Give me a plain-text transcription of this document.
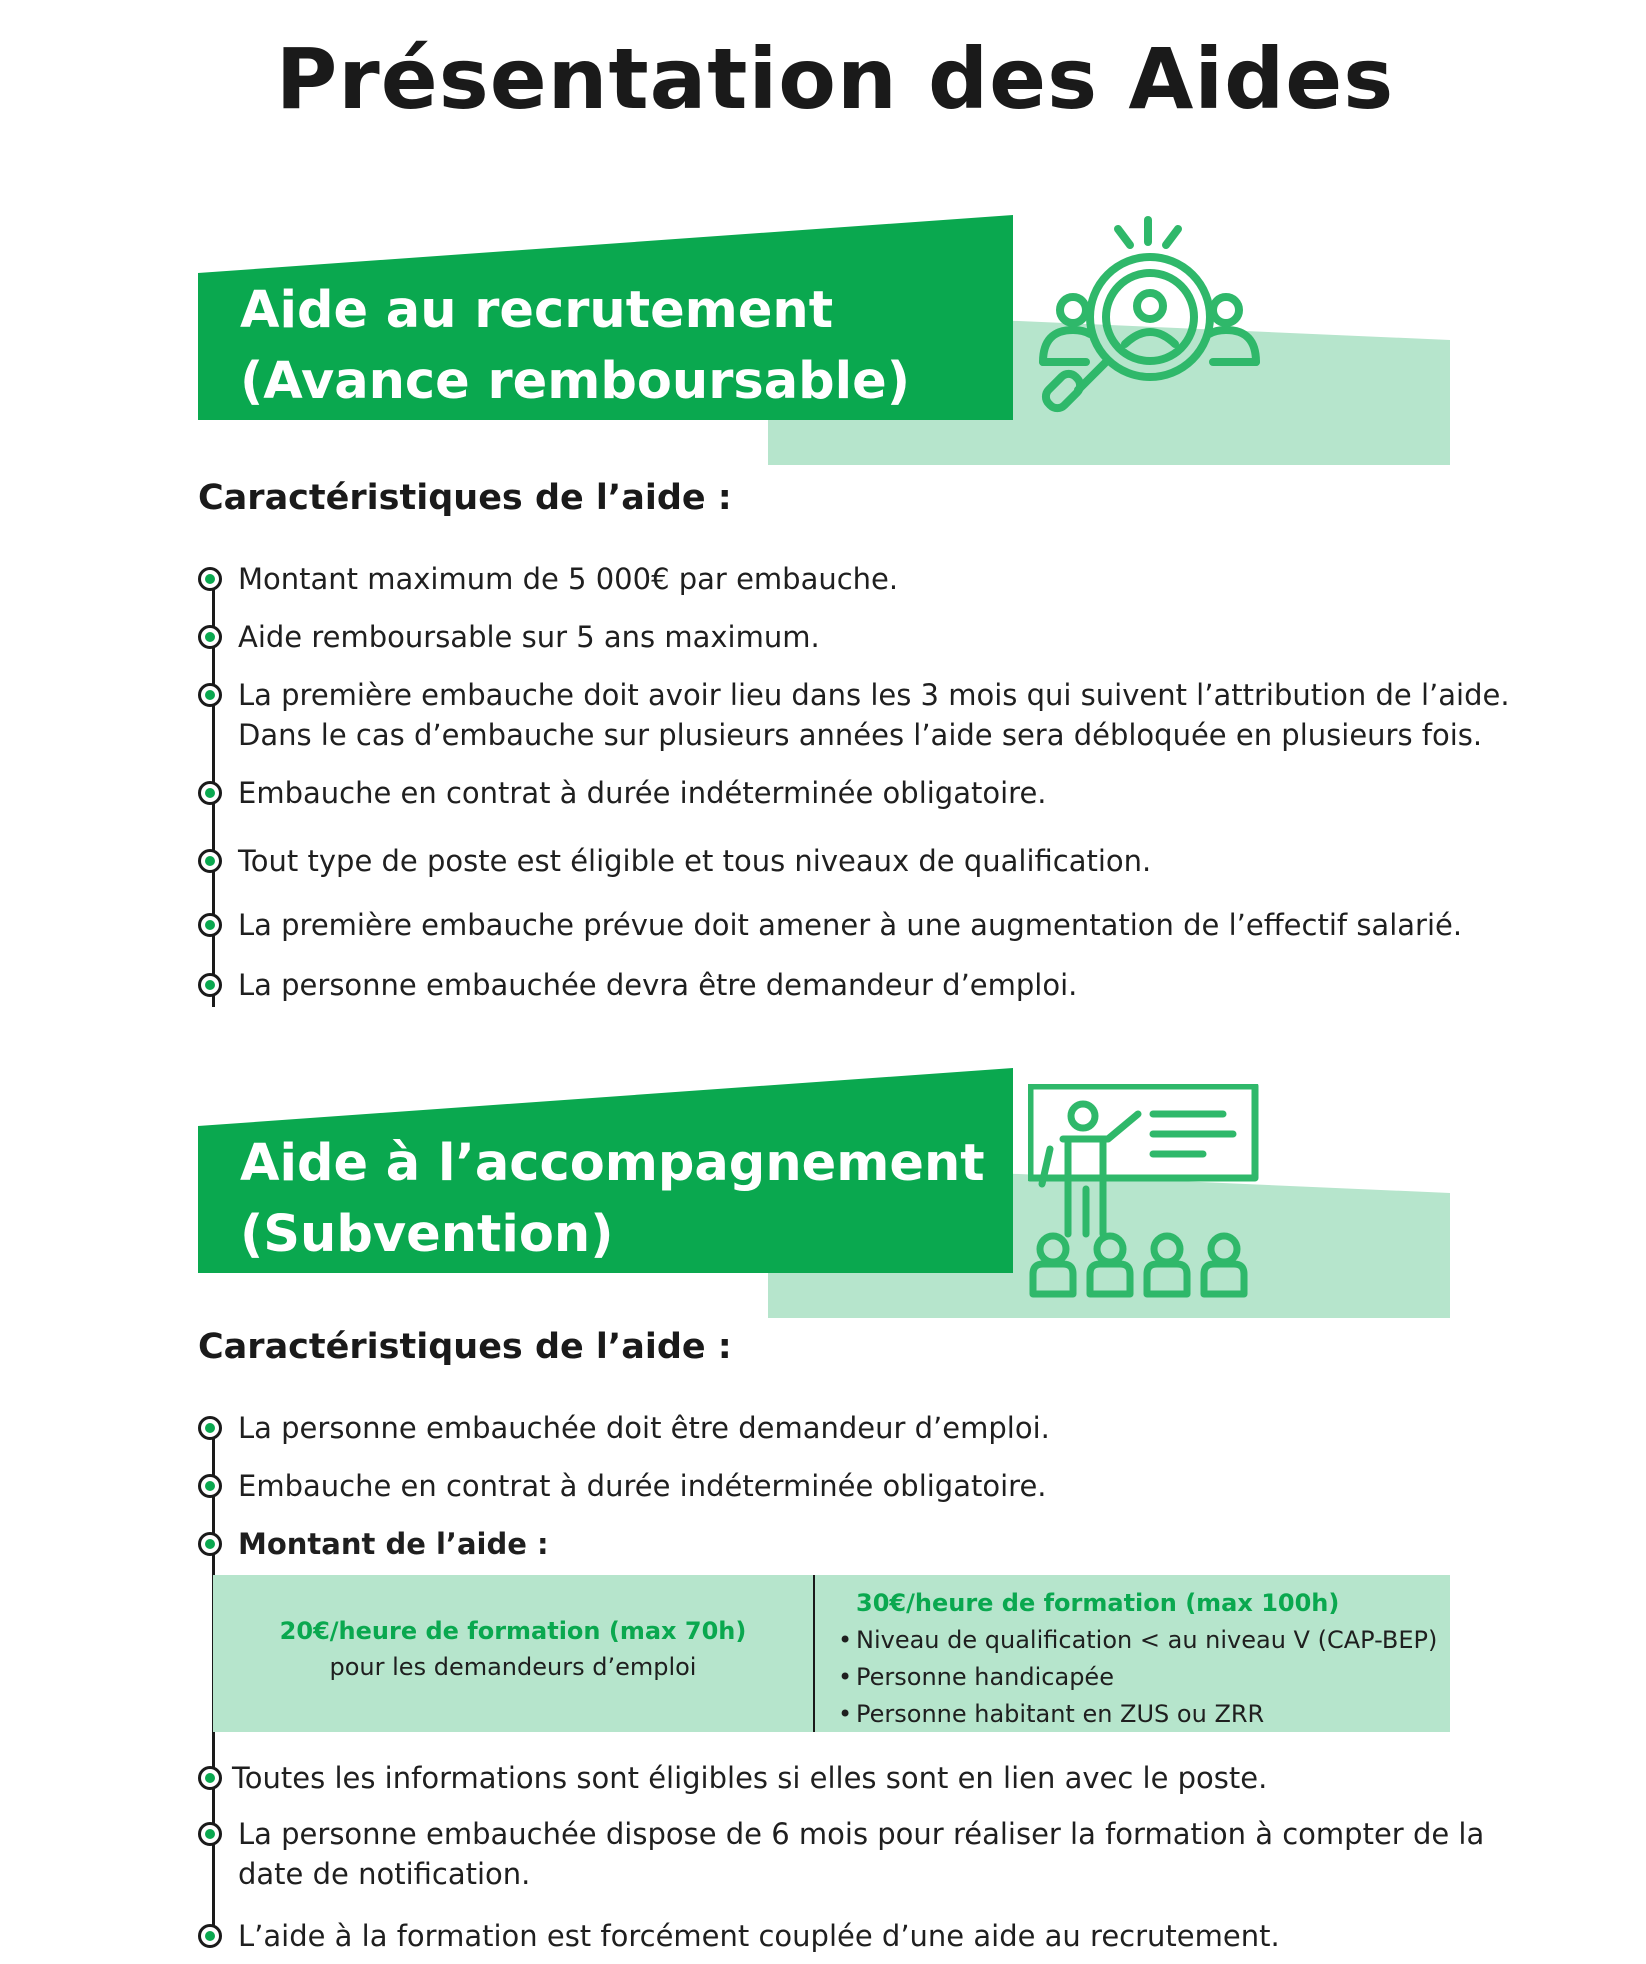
Présentation des Aides
Aide au recrutement
(Avance remboursable)
Caractéristiques de l’aide :
Montant maximum de 5 000€ par embauche.
Aide remboursable sur 5 ans maximum.
La première embauche doit avoir lieu dans les 3 mois qui suivent l’attribution de l’aide.
Dans le cas d’embauche sur plusieurs années l’aide sera débloquée en plusieurs fois.
Embauche en contrat à durée indéterminée obligatoire.
Tout type de poste est éligible et tous niveaux de qualification.
La première embauche prévue doit amener à une augmentation de l’effectif salarié.
La personne embauchée devra être demandeur d’emploi.
Aide à l’accompagnement
(Subvention)
Caractéristiques de l’aide :
La personne embauchée doit être demandeur d’emploi.
Embauche en contrat à durée indéterminée obligatoire.
Montant de l’aide :
Toutes les informations sont éligibles si elles sont en lien avec le poste.
La personne embauchée dispose de 6 mois pour réaliser la formation à compter de la
date de notification.
L’aide à la formation est forcément couplée d’une aide au recrutement.
20€/heure de formation (max 70h)
pour les demandeurs d’emploi
30€/heure de formation (max 100h)
• Niveau de qualification < au niveau V (CAP-BEP)
• Personne handicapée
• Personne habitant en ZUS ou ZRR
